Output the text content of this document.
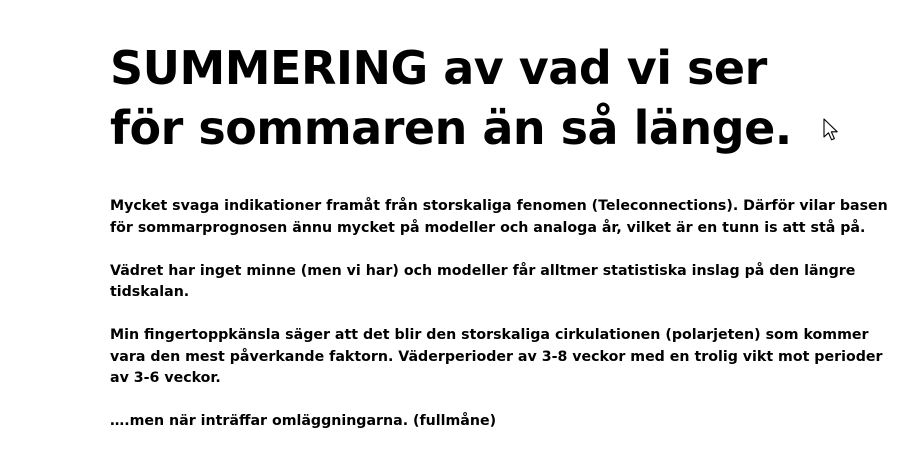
SUMMERING av vad vi ser
för sommaren än så länge.

Mycket svaga indikationer framåt från storskaliga fenomen (Teleconnections). Därför vilar basen
för sommarprognosen ännu mycket på modeller och analoga år, vilket är en tunn is att stå på.

Vädret har inget minne (men vi har) och modeller får alltmer statistiska inslag på den längre
tidskalan.

Min fingertoppkänsla säger att det blir den storskaliga cirkulationen (polarjeten) som kommer
vara den mest påverkande faktorn. Väderperioder av 3-8 veckor med en trolig vikt mot perioder
av 3-6 veckor.

….men när inträffar omläggningarna. (fullmåne)
